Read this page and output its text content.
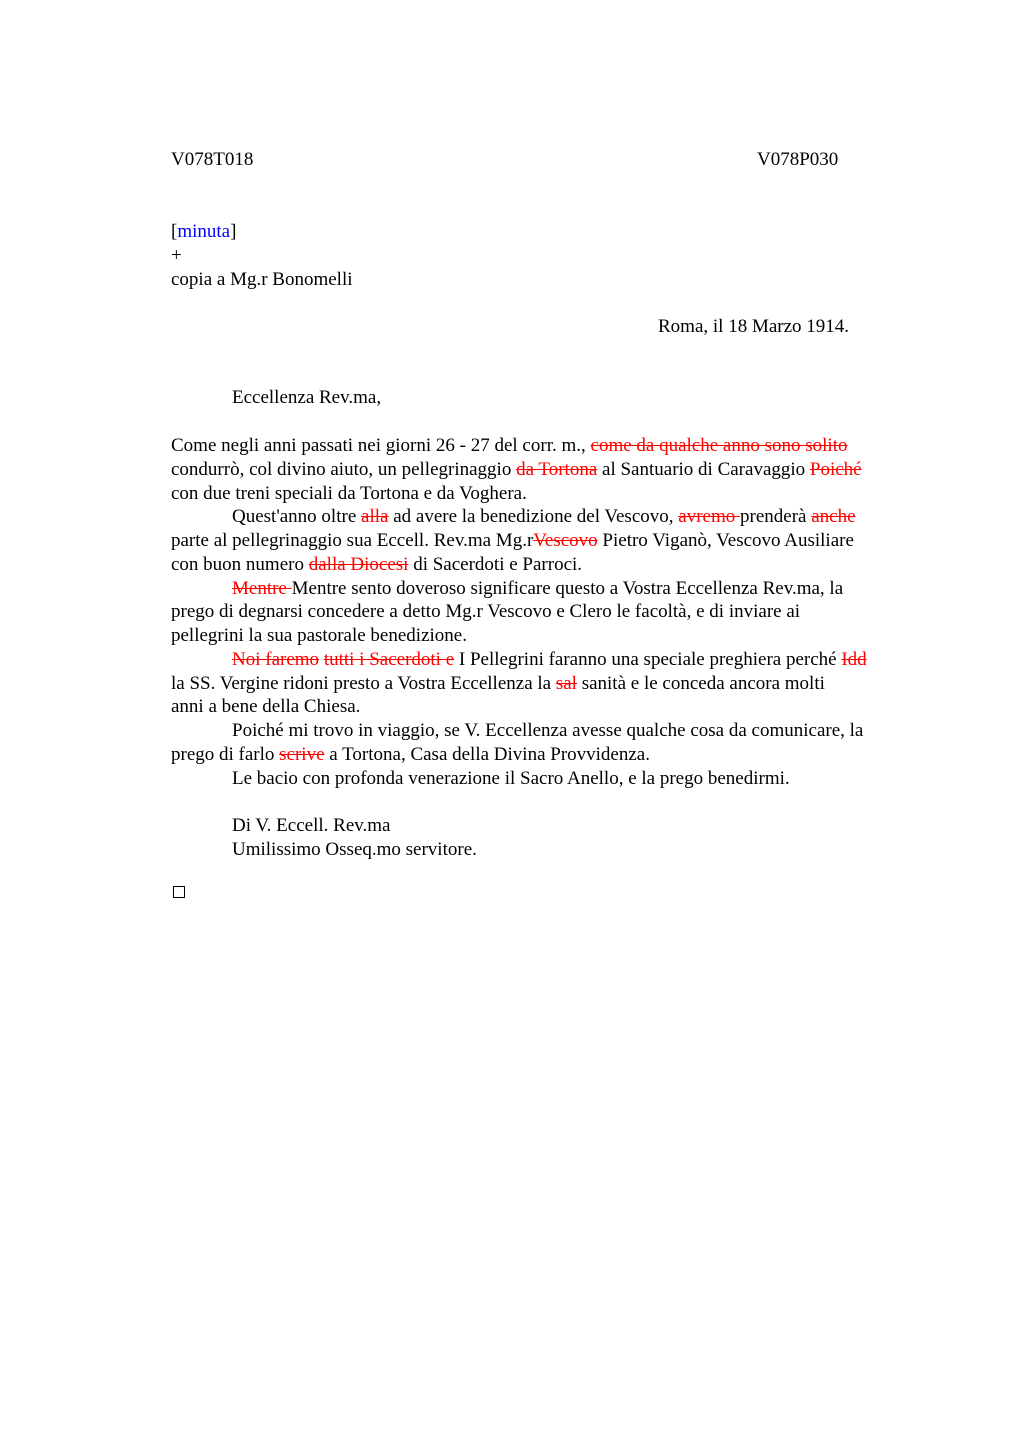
V078T018	V078P030
[minuta]
+
copia a Mg.r Bonomelli
Roma, il 18 Marzo 1914.
Eccellenza Rev.ma,
Come negli anni passati nei giorni 26 - 27 del corr. m., come da qualche anno sono solito
condurrò, col divino aiuto, un pellegrinaggio da Tortona al Santuario di Caravaggio Poiché
con due treni speciali da Tortona e da Voghera.
Quest'anno oltre alla ad avere la benedizione del Vescovo, avremo prenderà anche
parte al pellegrinaggio sua Eccell. Rev.ma Mg.rVescovo Pietro Viganò, Vescovo Ausiliare
con buon numero dalla Diocesi di Sacerdoti e Parroci.
Mentre Mentre sento doveroso significare questo a Vostra Eccellenza Rev.ma, la
prego di degnarsi concedere a detto Mg.r Vescovo e Clero le facoltà, e di inviare ai
pellegrini la sua pastorale benedizione.
Noi faremo tutti i Sacerdoti e I Pellegrini faranno una speciale preghiera perché Idd
la SS. Vergine ridoni presto a Vostra Eccellenza la sal sanità e le conceda ancora molti
anni a bene della Chiesa.
Poiché mi trovo in viaggio, se V. Eccellenza avesse qualche cosa da comunicare, la
prego di farlo scrive a Tortona, Casa della Divina Provvidenza.
Le bacio con profonda venerazione il Sacro Anello, e la prego benedirmi.
Di V. Eccell. Rev.ma
Umilissimo Osseq.mo servitore.
